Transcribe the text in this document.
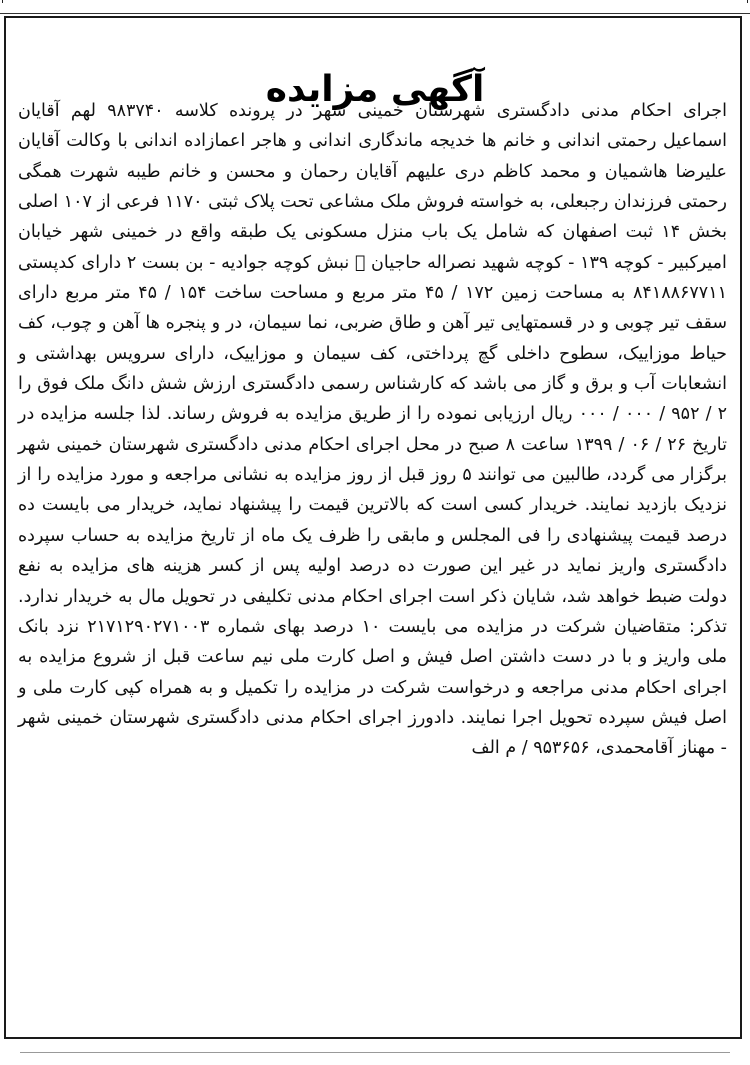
آگهی مزایده

اجرای احکام مدنی دادگستری شهرستان خمینی شهر در پرونده کلاسه ۹۸۳۷۴۰ لهم آقایان اسماعیل رحمتی اندانی و خانم ها خدیجه ماندگاری اندانی و هاجر اعمازاده اندانی با وکالت آقایان علیرضا هاشمیان و محمد کاظم دری علیهم آقایان رحمان و محسن و خانم طیبه شهرت همگی رحمتی فرزندان رجبعلی، به خواسته فروش ملک مشاعی تحت پلاک ثبتی ۱۱۷۰ فرعی از ۱۰۷ اصلی بخش ۱۴ ثبت اصفهان که شامل یک باب منزل مسکونی یک طبقه واقع در خمینی شهر خیابان امیرکبیر - کوچه ۱۳۹ - کوچه شهید نصراله حاجیان ⃞ نبش کوچه جوادیه - بن بست ۲ دارای کدپستی ۸۴۱۸۸۶۷۷۱۱ به مساحت زمین ۱۷۲ / ۴۵ متر مربع و مساحت ساخت ۱۵۴ / ۴۵ متر مربع دارای سقف تیر چوبی و در قسمتهایی تیر آهن و طاق ضربی، نما سیمان، در و پنجره ها آهن و چوب، کف حیاط موزاییک، سطوح داخلی گچ پرداختی، کف سیمان و موزاییک، دارای سرویس بهداشتی و انشعابات آب و برق و گاز می باشد که کارشناس رسمی دادگستری ارزش شش دانگ ملک فوق را ۲ / ۹۵۲ / ۰۰۰ / ۰۰۰ ریال ارزیابی نموده را از طریق مزایده به فروش رساند. لذا جلسه مزایده در تاریخ ۲۶ / ۰۶ / ۱۳۹۹ ساعت ۸ صبح در محل اجرای احکام مدنی دادگستری شهرستان خمینی شهر برگزار می گردد، طالبین می توانند ۵ روز قبل از روز مزایده به نشانی مراجعه و مورد مزایده را از نزدیک بازدید نمایند. خریدار کسی است که بالاترین قیمت را پیشنهاد نماید، خریدار می بایست ده درصد قیمت پیشنهادی را فی المجلس و مابقی را ظرف یک ماه از تاریخ مزایده به حساب سپرده دادگستری واریز نماید در غیر این صورت ده درصد اولیه پس از کسر هزینه های مزایده به نفع دولت ضبط خواهد شد، شایان ذکر است اجرای احکام مدنی تکلیفی در تحویل مال به خریدار ندارد. تذکر: متقاضیان شرکت در مزایده می بایست ۱۰ درصد بهای شماره ۲۱۷۱۲۹۰۲۷۱۰۰۳ نزد بانک ملی واریز و با در دست داشتن اصل فیش و اصل کارت ملی نیم ساعت قبل از شروع مزایده به اجرای احکام مدنی مراجعه و درخواست شرکت در مزایده را تکمیل و به همراه کپی کارت ملی و اصل فیش سپرده تحویل اجرا نمایند. دادورز اجرای احکام مدنی دادگستری شهرستان خمینی شهر - مهناز آقامحمدی، ۹۵۳۶۵۶ / م الف
